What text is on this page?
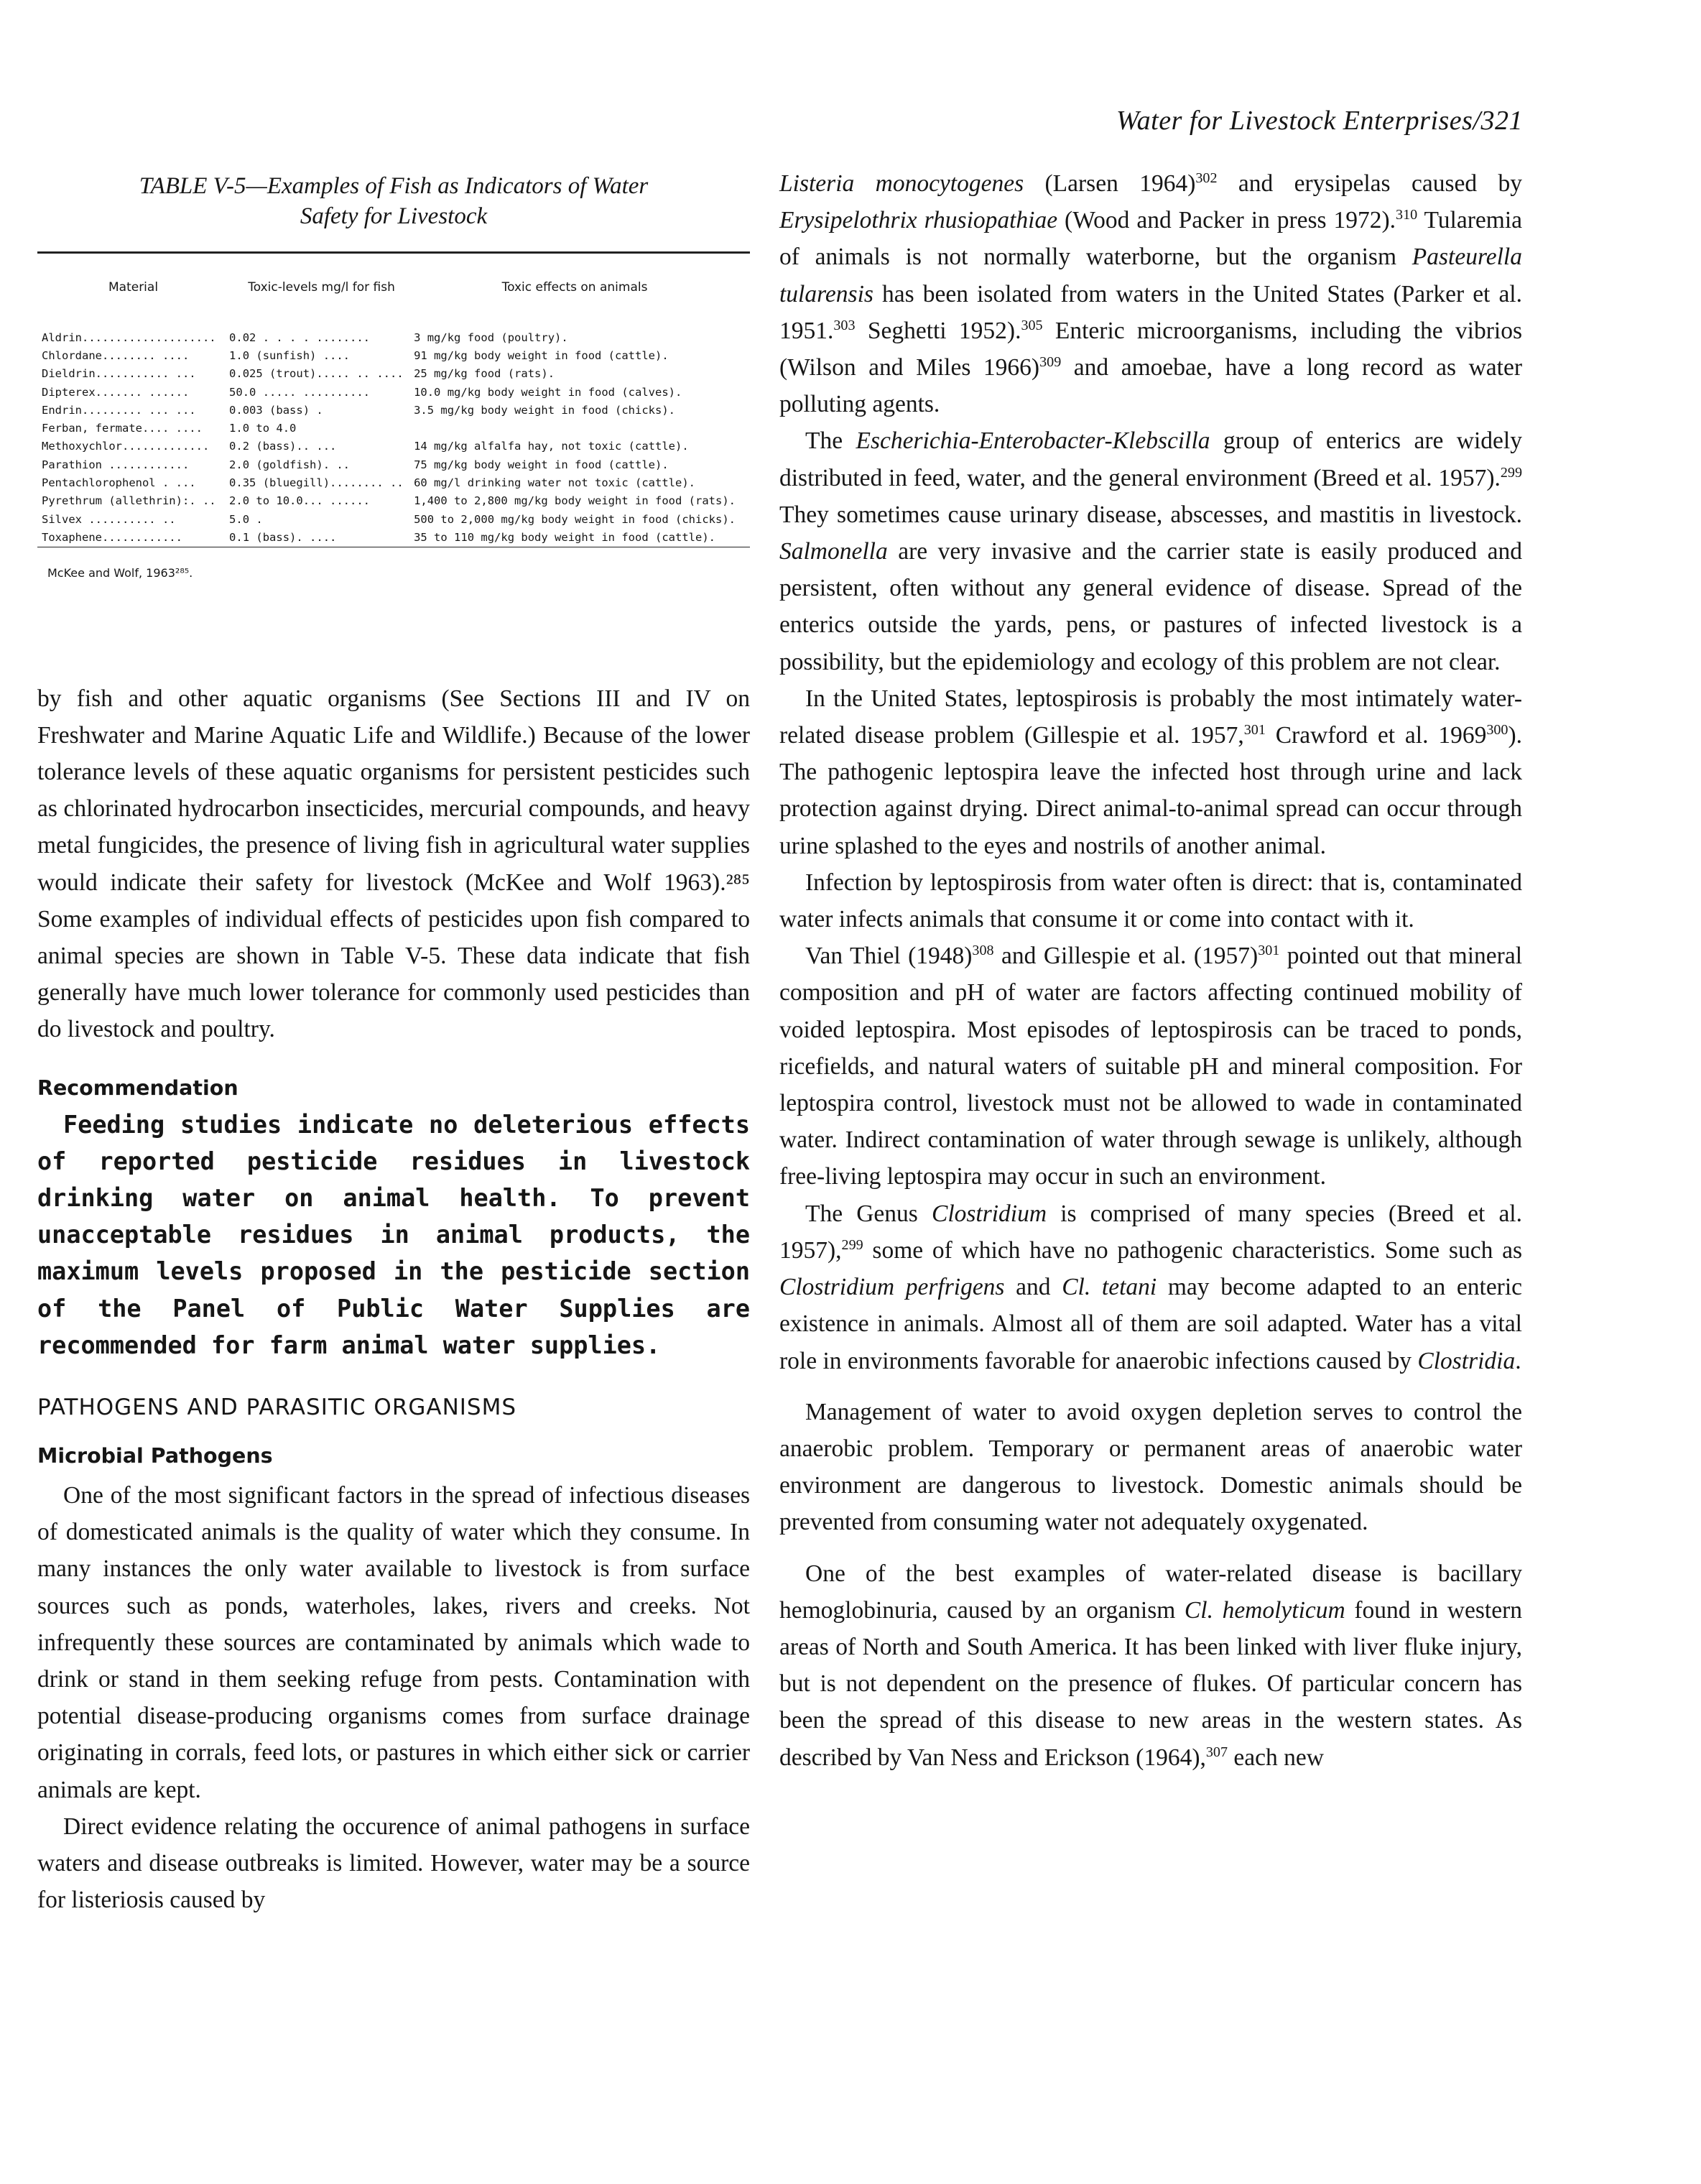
Water for Livestock Enterprises/321
TABLE V-5—Examples of Fish as Indicators of Water
Safety for Livestock
Material	Toxic-levels mg/l for fish	Toxic effects on animals
Aldrin....................	0.02 . . . . ........	3 mg/kg food (poultry).
Chlordane........ ....	1.0 (sunfish) ....	91 mg/kg body weight in food (cattle).
Dieldrin........... ...	0.025 (trout)..... .. ....	25 mg/kg food (rats).
Dipterex....... ......	50.0 ..... ..........	10.0 mg/kg body weight in food (calves).
Endrin......... ... ...	0.003 (bass) .	3.5 mg/kg body weight in food (chicks).
Ferban, fermate.... ....	1.0 to 4.0	
Methoxychlor.............	0.2 (bass).. ...	14 mg/kg alfalfa hay, not toxic (cattle).
Parathion ............	2.0 (goldfish). ..	75 mg/kg body weight in food (cattle).
Pentachlorophenol . ...	0.35 (bluegill)........ ..	60 mg/l drinking water not toxic (cattle).
Pyrethrum (allethrin):. ..	2.0 to 10.0... ......	1,400 to 2,800 mg/kg body weight in food (rats).
Silvex .......... ..	5.0 .	500 to 2,000 mg/kg body weight in food (chicks).
Toxaphene............	0.1 (bass). ....	35 to 110 mg/kg body weight in food (cattle).
McKee and Wolf, 1963²⁸⁵.

by fish and other aquatic organisms (See Sections III and IV on Freshwater and Marine Aquatic Life and Wildlife.) Because of the lower tolerance levels of these aquatic organisms for persistent pesticides such as chlorinated hydrocarbon insecticides, mercurial compounds, and heavy metal fungicides, the presence of living fish in agricultural water supplies would indicate their safety for livestock (McKee and Wolf 1963).²⁸⁵ Some examples of individual effects of pesticides upon fish compared to animal species are shown in Table V-5. These data indicate that fish generally have much lower tolerance for commonly used pesticides than do livestock and poultry.

Recommendation

Feeding studies indicate no deleterious effects of reported pesticide residues in livestock drinking water on animal health. To prevent unacceptable residues in animal products, the maximum levels proposed in the pesticide section of the Panel of Public Water Supplies are recommended for farm animal water supplies.

PATHOGENS AND PARASITIC ORGANISMS
Microbial Pathogens

One of the most significant factors in the spread of infectious diseases of domesticated animals is the quality of water which they consume. In many instances the only water available to livestock is from surface sources such as ponds, waterholes, lakes, rivers and creeks. Not infrequently these sources are contaminated by animals which wade to drink or stand in them seeking refuge from pests. Contamination with potential disease-producing organisms comes from surface drainage originating in corrals, feed lots, or pastures in which either sick or carrier animals are kept.

Direct evidence relating the occurence of animal pathogens in surface waters and disease outbreaks is limited. However, water may be a source for listeriosis caused by

Listeria monocytogenes (Larsen 1964)$^{302}$ and erysipelas caused by Erysipelothrix rhusiopathiae (Wood and Packer in press 1972).$^{310}$ Tularemia of animals is not normally waterborne, but the organism Pasteurella tularensis has been isolated from waters in the United States (Parker et al. 1951.$^{303}$ Seghetti 1952).$^{305}$ Enteric microorganisms, including the vibrios (Wilson and Miles 1966)$^{309}$ and amoebae, have a long record as water polluting agents.

The Escherichia-Enterobacter-Klebscilla group of enterics are widely distributed in feed, water, and the general environment (Breed et al. 1957).$^{299}$ They sometimes cause urinary disease, abscesses, and mastitis in livestock. Salmonella are very invasive and the carrier state is easily produced and persistent, often without any general evidence of disease. Spread of the enterics outside the yards, pens, or pastures of infected livestock is a possibility, but the epidemiology and ecology of this problem are not clear.

In the United States, leptospirosis is probably the most intimately water-related disease problem (Gillespie et al. 1957,$^{301}$ Crawford et al. 1969$^{300}$). The pathogenic leptospira leave the infected host through urine and lack protection against drying. Direct animal-to-animal spread can occur through urine splashed to the eyes and nostrils of another animal.

Infection by leptospirosis from water often is direct: that is, contaminated water infects animals that consume it or come into contact with it.

Van Thiel $(1948)^{308}$ and Gillespie et al. $(1957)^{301}$ pointed out that mineral composition and pH of water are factors affecting continued mobility of voided leptospira. Most episodes of leptospirosis can be traced to ponds, ricefields, and natural waters of suitable pH and mineral composition. For leptospira control, livestock must not be allowed to wade in contaminated water. Indirect contamination of water through sewage is unlikely, although free-living leptospira may occur in such an environment.

The Genus Clostridium is comprised of many species (Breed et al. 1957),$^{299}$ some of which have no pathogenic characteristics. Some such as Clostridium perfrigens and Cl. tetani may become adapted to an enteric existence in animals. Almost all of them are soil adapted. Water has a vital role in environments favorable for anaerobic infections caused by Clostridia.

Management of water to avoid oxygen depletion serves to control the anaerobic problem. Temporary or permanent areas of anaerobic water environment are dangerous to livestock. Domestic animals should be prevented from consuming water not adequately oxygenated.

One of the best examples of water-related disease is bacillary hemoglobinuria, caused by an organism Cl. hemolyticum found in western areas of North and South America. It has been linked with liver fluke injury, but is not dependent on the presence of flukes. Of particular concern has been the spread of this disease to new areas in the western states. As described by Van Ness and Erickson (1964),$^{307}$ each new
